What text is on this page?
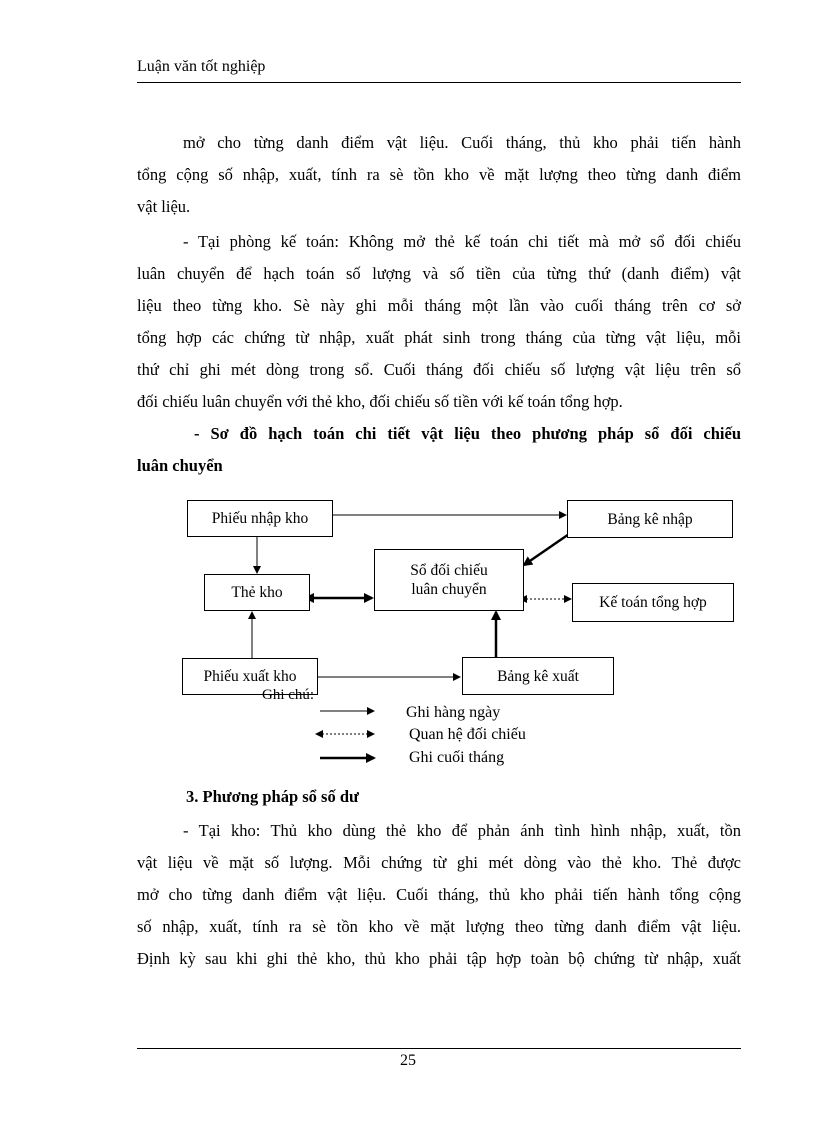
Luận văn tốt nghiệp
mở cho từng danh điểm vật liệu. Cuối tháng, thủ kho phải tiến hành
tổng cộng số nhập, xuất, tính ra sè tồn kho về mặt lượng theo từng danh điểm
vật liệu.
- Tại phòng kế toán: Không mở thẻ kế toán chi tiết mà mở sổ đối chiếu
luân chuyển để hạch toán số lượng và số tiền của từng thứ (danh điểm) vật
liệu theo từng kho. Sè này ghi mỗi tháng một lần vào cuối tháng trên cơ sở
tổng hợp các chứng từ nhập, xuất phát sinh trong tháng của từng vật liệu, mỗi
thứ chỉ ghi mét dòng trong sổ. Cuối tháng đối chiếu số lượng vật liệu trên sổ
đối chiếu luân chuyển với thẻ kho, đối chiếu số tiền với kế toán tổng hợp.
- Sơ đồ hạch toán chi tiết vật liệu theo phương pháp sổ đối chiếu
luân chuyển
Phiếu nhập kho	Bảng kê nhập
Sổ đối chiếu
luân chuyển
Thẻ kho
Kế toán tổng hợp
Phiếu xuất kho	Bảng kê xuất
Ghi chú:
Ghi hàng ngày
Quan hệ đối chiếu
Ghi cuối tháng
3. Phương pháp sổ số dư
- Tại kho: Thủ kho dùng thẻ kho để phản ánh tình hình nhập, xuất, tồn
vật liệu về mặt số lượng. Mỗi chứng từ ghi mét dòng vào thẻ kho. Thẻ được
mở cho từng danh điểm vật liệu. Cuối tháng, thủ kho phải tiến hành tổng cộng
số nhập, xuất, tính ra sè tồn kho về mặt lượng theo từng danh điểm vật liệu.
Định kỳ sau khi ghi thẻ kho, thủ kho phải tập hợp toàn bộ chứng từ nhập, xuất
25
